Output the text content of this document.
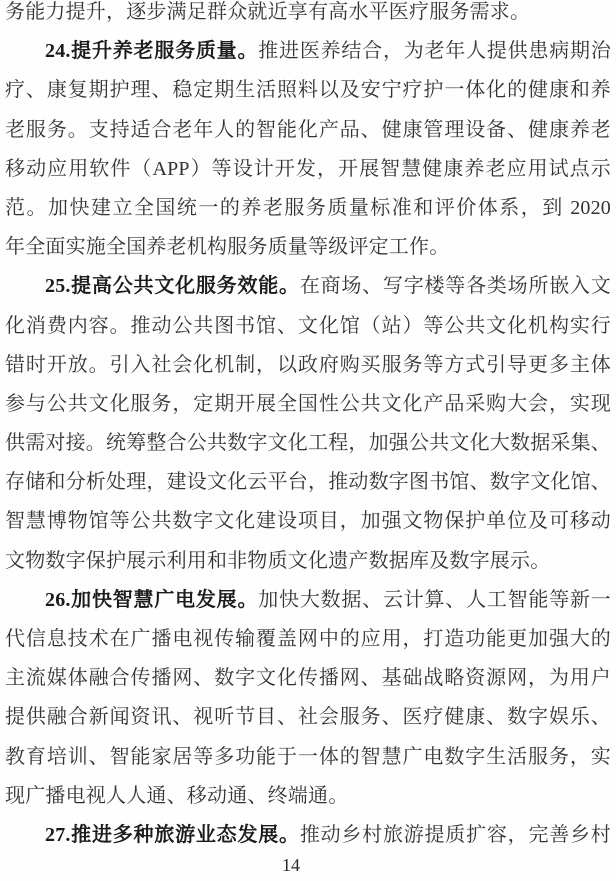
务能力提升，逐步满足群众就近享有高水平医疗服务需求。
24.提升养老服务质量。推进医养结合，为老年人提供患病期治
疗、康复期护理、稳定期生活照料以及安宁疗护一体化的健康和养
老服务。支持适合老年人的智能化产品、健康管理设备、健康养老
移动应用软件（APP）等设计开发，开展智慧健康养老应用试点示
范。加快建立全国统一的养老服务质量标准和评价体系，到 2020
年全面实施全国养老机构服务质量等级评定工作。
25.提高公共文化服务效能。在商场、写字楼等各类场所嵌入文
化消费内容。推动公共图书馆、文化馆（站）等公共文化机构实行
错时开放。引入社会化机制，以政府购买服务等方式引导更多主体
参与公共文化服务，定期开展全国性公共文化产品采购大会，实现
供需对接。统筹整合公共数字文化工程，加强公共文化大数据采集、
存储和分析处理，建设文化云平台，推动数字图书馆、数字文化馆、
智慧博物馆等公共数字文化建设项目，加强文物保护单位及可移动
文物数字保护展示利用和非物质文化遗产数据库及数字展示。
26.加快智慧广电发展。加快大数据、云计算、人工智能等新一
代信息技术在广播电视传输覆盖网中的应用，打造功能更加强大的
主流媒体融合传播网、数字文化传播网、基础战略资源网，为用户
提供融合新闻资讯、视听节目、社会服务、医疗健康、数字娱乐、
教育培训、智能家居等多功能于一体的智慧广电数字生活服务，实
现广播电视人人通、移动通、终端通。
27.推进多种旅游业态发展。推动乡村旅游提质扩容，完善乡村
14
